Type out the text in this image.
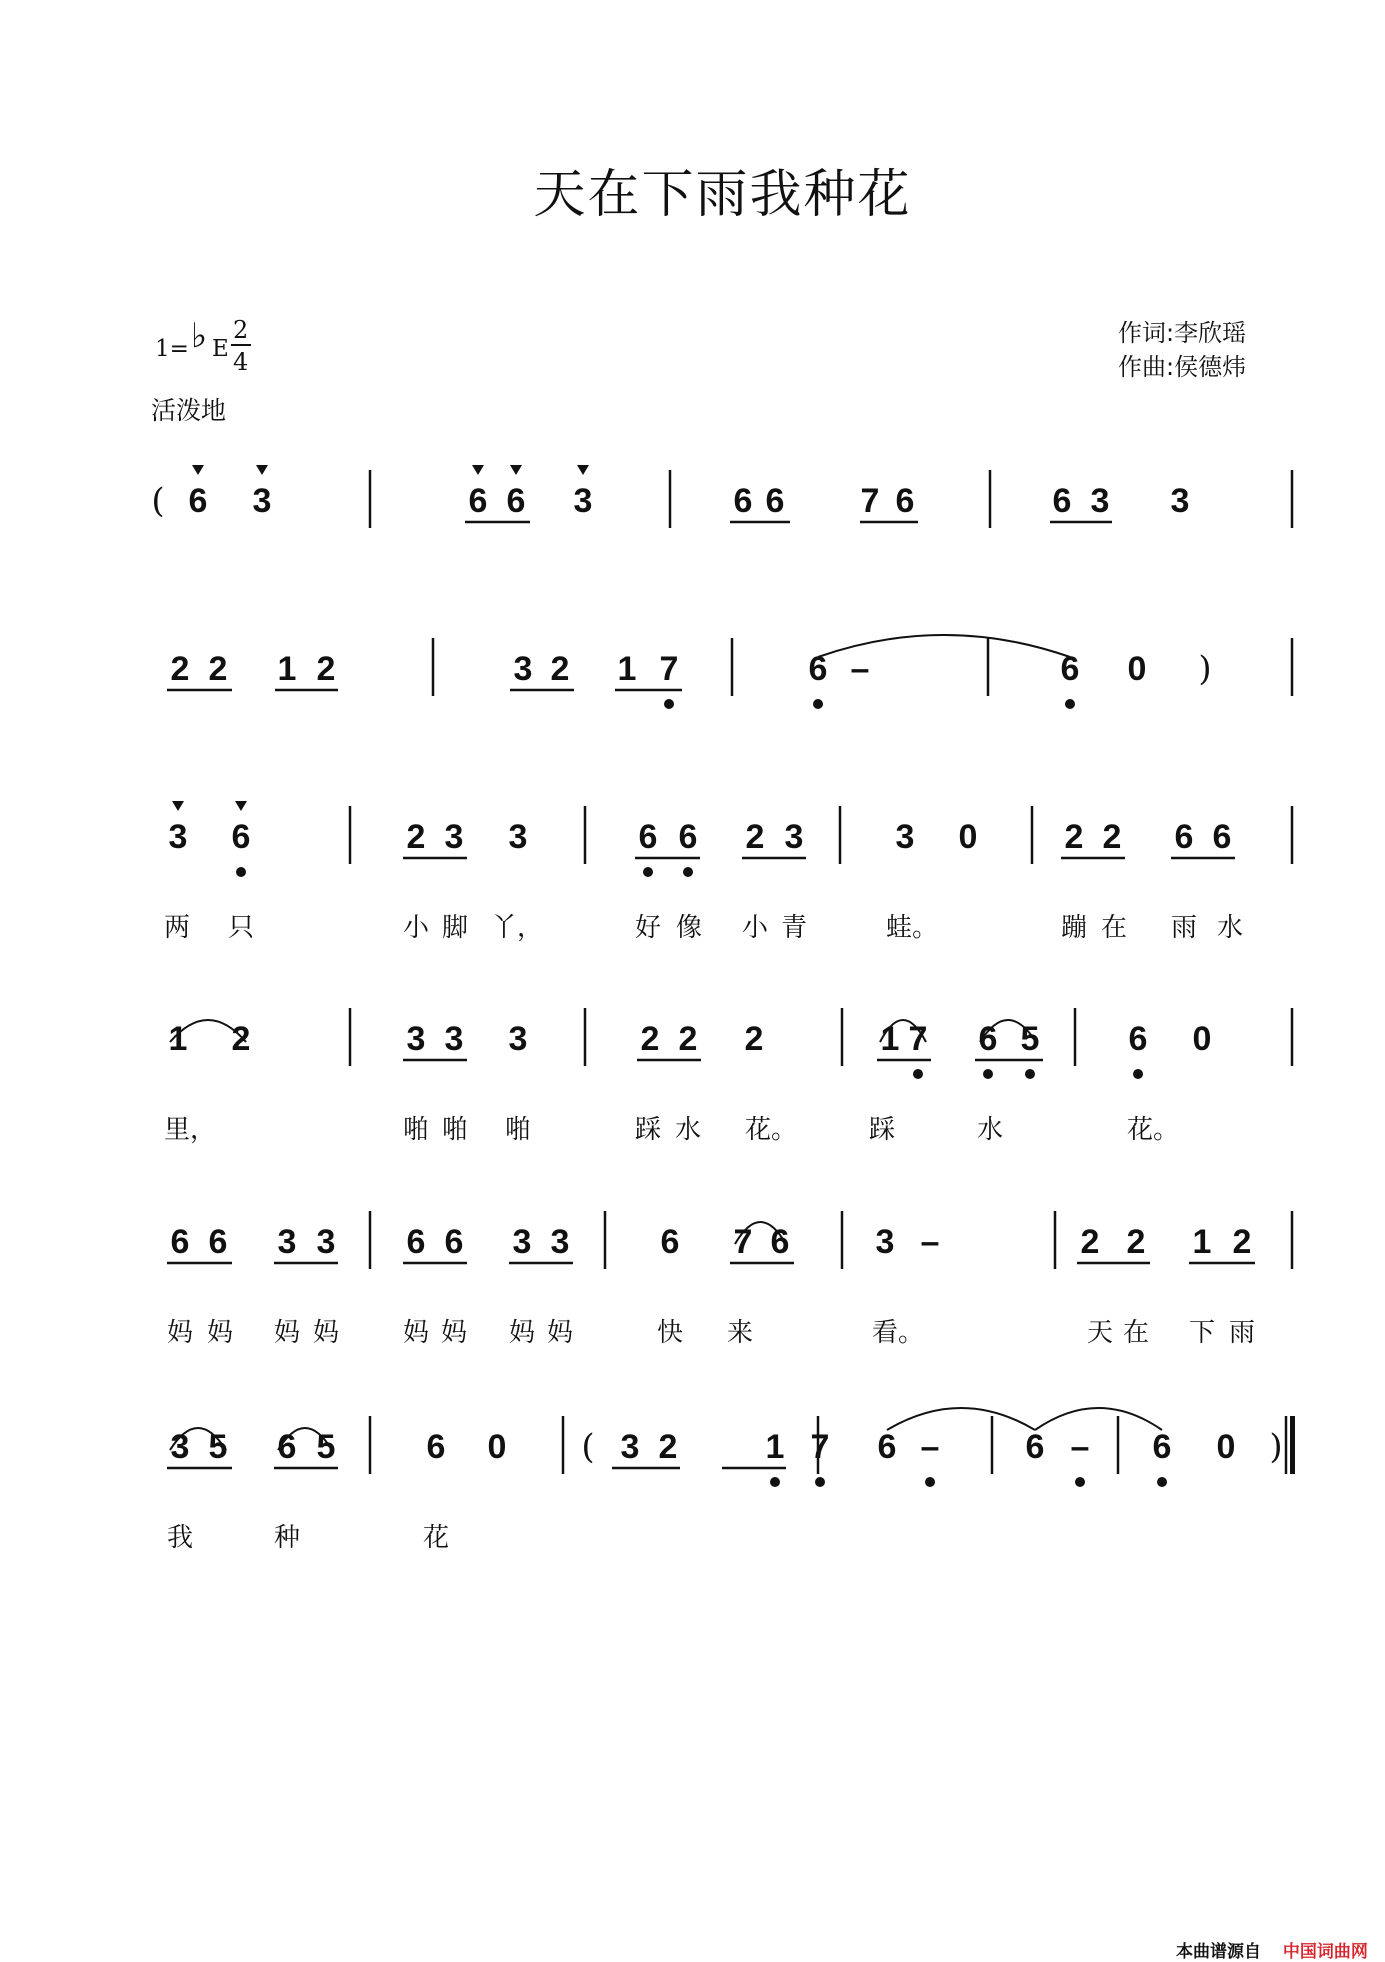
天在下雨我种花
1= ♭ E
2
4
活泼地
作词:李欣瑶
作曲:侯德炜
6 3	6 6 3	6 6 7 6	6 3 3
(
2 2 1 2	3 2 1 7	6 –	6 0 )
3 6	2 3 3	6 6 2 3	3 0	2 2 6 6
两 只	小 脚 丫，	好 像 小 青	蛙。	蹦 在 雨 水
1 2	3 3 3	2 2 2	1 7 6 5	6 0
里，	啪 啪 啪	踩 水 花。	踩	水	花。
6 6 3 3 6 6 3 3	6 7 6	3 –	2 2 1 2
妈 妈 妈 妈 妈 妈 妈 妈	快 来	看。	天 在 下 雨
3 5 6 5	6 0	3 2	1 7 6 –	6 – 6 0
(	)
我	种	花
本曲谱源自 中国词曲网
